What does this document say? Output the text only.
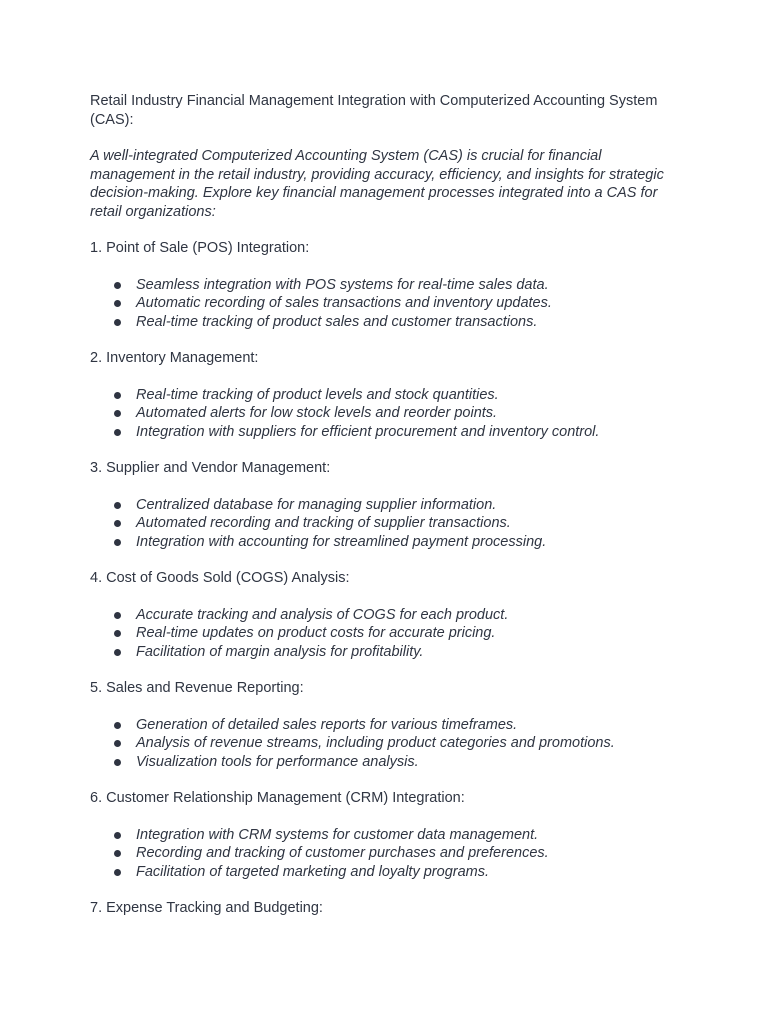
Retail Industry Financial Management Integration with Computerized Accounting System (CAS):
A well-integrated Computerized Accounting System (CAS) is crucial for financial management in the retail industry, providing accuracy, efficiency, and insights for strategic decision-making. Explore key financial management processes integrated into a CAS for retail organizations:
1. Point of Sale (POS) Integration:
Seamless integration with POS systems for real-time sales data.
Automatic recording of sales transactions and inventory updates.
Real-time tracking of product sales and customer transactions.
2. Inventory Management:
Real-time tracking of product levels and stock quantities.
Automated alerts for low stock levels and reorder points.
Integration with suppliers for efficient procurement and inventory control.
3. Supplier and Vendor Management:
Centralized database for managing supplier information.
Automated recording and tracking of supplier transactions.
Integration with accounting for streamlined payment processing.
4. Cost of Goods Sold (COGS) Analysis:
Accurate tracking and analysis of COGS for each product.
Real-time updates on product costs for accurate pricing.
Facilitation of margin analysis for profitability.
5. Sales and Revenue Reporting:
Generation of detailed sales reports for various timeframes.
Analysis of revenue streams, including product categories and promotions.
Visualization tools for performance analysis.
6. Customer Relationship Management (CRM) Integration:
Integration with CRM systems for customer data management.
Recording and tracking of customer purchases and preferences.
Facilitation of targeted marketing and loyalty programs.
7. Expense Tracking and Budgeting:
